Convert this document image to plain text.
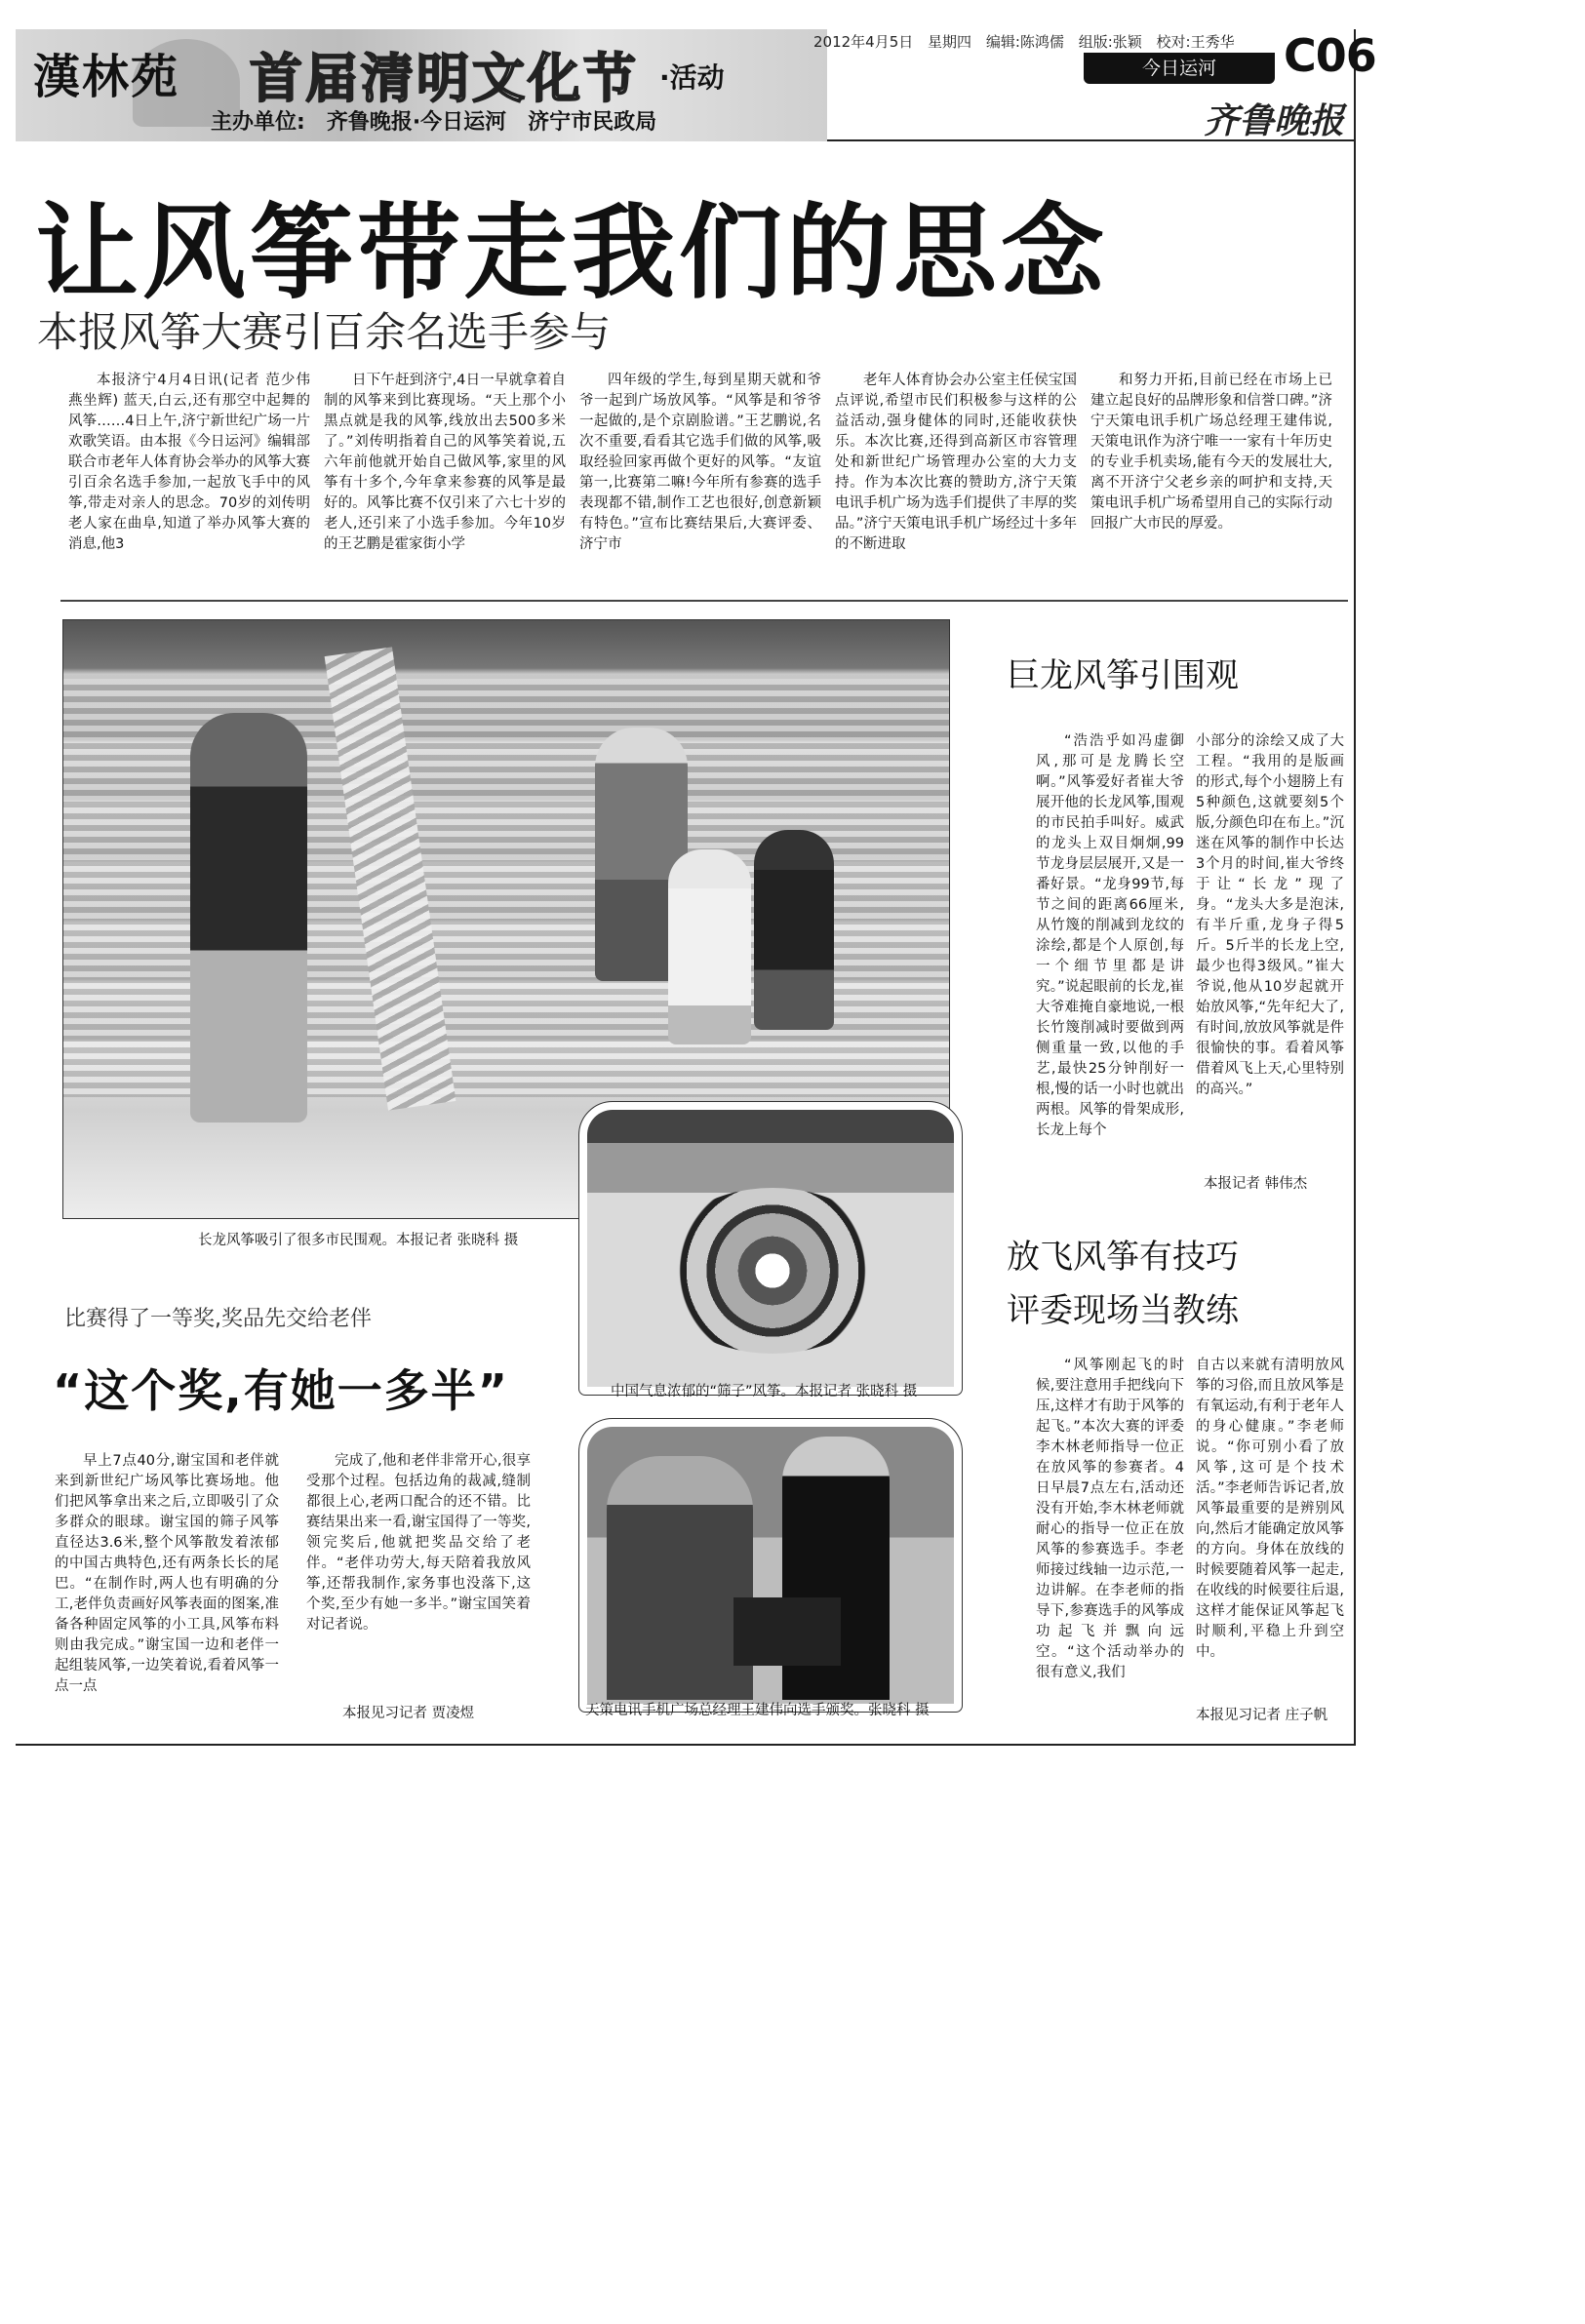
漢林苑 首届清明文化节 ·活动
主办单位: 齐鲁晚报·今日运河 济宁市民政局
2012年4月5日 星期四 编辑:陈鸿儒 组版:张颖 校对:王秀华
今日运河	C06
齐鲁晚报
让风筝带走我们的思念
本报风筝大赛引百余名选手参与
本报济宁4月4日讯(记者 范少伟 燕坐辉) 蓝天,白云,还有那空中起舞的风筝……4日上午,济宁新世纪广场一片欢歌笑语。由本报《今日运河》编辑部联合市老年人体育协会举办的风筝大赛引百余名选手参加,一起放飞手中的风筝,带走对亲人的思念。70岁的刘传明老人家在曲阜,知道了举办风筝大赛的消息,他3
日下午赶到济宁,4日一早就拿着自制的风筝来到比赛现场。“天上那个小黑点就是我的风筝,线放出去500多米了。”刘传明指着自己的风筝笑着说,五六年前他就开始自己做风筝,家里的风筝有十多个,今年拿来参赛的风筝是最好的。风筝比赛不仅引来了六七十岁的老人,还引来了小选手参加。今年10岁的王艺鹏是霍家街小学
四年级的学生,每到星期天就和爷爷一起到广场放风筝。“风筝是和爷爷一起做的,是个京剧脸谱。”王艺鹏说,名次不重要,看看其它选手们做的风筝,吸取经验回家再做个更好的风筝。“友谊第一,比赛第二嘛!今年所有参赛的选手表现都不错,制作工艺也很好,创意新颖有特色。”宣布比赛结果后,大赛评委、济宁市
老年人体育协会办公室主任侯宝国点评说,希望市民们积极参与这样的公益活动,强身健体的同时,还能收获快乐。本次比赛,还得到高新区市容管理处和新世纪广场管理办公室的大力支持。作为本次比赛的赞助方,济宁天策电讯手机广场为选手们提供了丰厚的奖品。”济宁天策电讯手机广场经过十多年的不断进取
和努力开拓,目前已经在市场上已建立起良好的品牌形象和信誉口碑。”济宁天策电讯手机广场总经理王建伟说,天策电讯作为济宁唯一一家有十年历史的专业手机卖场,能有今天的发展壮大,离不开济宁父老乡亲的呵护和支持,天策电讯手机广场希望用自己的实际行动回报广大市民的厚爱。
长龙风筝吸引了很多市民围观。本报记者 张晓科 摄
中国气息浓郁的“筛子”风筝。本报记者 张晓科 摄
天策电讯手机广场总经理王建伟向选手颁奖。张晓科 摄
巨龙风筝引围观
“浩浩乎如冯虚御风,那可是龙腾长空啊。”风筝爱好者崔大爷展开他的长龙风筝,围观的市民拍手叫好。威武的龙头上双目炯炯,99节龙身层层展开,又是一番好景。“龙身99节,每节之间的距离66厘米,从竹篾的削减到龙纹的涂绘,都是个人原创,每一个细节里都是讲究。”说起眼前的长龙,崔大爷难掩自豪地说,一根长竹篾削减时要做到两侧重量一致,以他的手艺,最快25分钟削好一根,慢的话一小时也就出两根。风筝的骨架成形,长龙上每个
小部分的涂绘又成了大工程。“我用的是版画的形式,每个小翅膀上有5种颜色,这就要刻5个版,分颜色印在布上。”沉迷在风筝的制作中长达3个月的时间,崔大爷终于让“长龙”现了身。“龙头大多是泡沫,有半斤重,龙身子得5斤。5斤半的长龙上空,最少也得3级风。”崔大爷说,他从10岁起就开始放风筝,“先年纪大了,有时间,放放风筝就是件很愉快的事。看着风筝借着风飞上天,心里特别的高兴。”
本报记者 韩伟杰
放飞风筝有技巧
评委现场当教练
“风筝刚起飞的时候,要注意用手把线向下压,这样才有助于风筝的起飞。”本次大赛的评委李木林老师指导一位正在放风筝的参赛者。4日早晨7点左右,活动还没有开始,李木林老师就耐心的指导一位正在放风筝的参赛选手。李老师接过线轴一边示范,一边讲解。在李老师的指导下,参赛选手的风筝成功起飞并飘向远空。“这个活动举办的很有意义,我们
自古以来就有清明放风筝的习俗,而且放风筝是有氧运动,有利于老年人的身心健康。”李老师说。“你可别小看了放风筝,这可是个技术活。”李老师告诉记者,放风筝最重要的是辨别风向,然后才能确定放风筝的方向。身体在放线的时候要随着风筝一起走,在收线的时候要往后退,这样才能保证风筝起飞时顺利,平稳上升到空中。
本报见习记者 庄子帆
比赛得了一等奖,奖品先交给老伴
“这个奖,有她一多半”
早上7点40分,谢宝国和老伴就来到新世纪广场风筝比赛场地。他们把风筝拿出来之后,立即吸引了众多群众的眼球。谢宝国的筛子风筝直径达3.6米,整个风筝散发着浓郁的中国古典特色,还有两条长长的尾巴。“在制作时,两人也有明确的分工,老伴负责画好风筝表面的图案,准备各种固定风筝的小工具,风筝布料则由我完成。”谢宝国一边和老伴一起组装风筝,一边笑着说,看着风筝一点一点
完成了,他和老伴非常开心,很享受那个过程。包括边角的裁减,缝制都很上心,老两口配合的还不错。比赛结果出来一看,谢宝国得了一等奖,领完奖后,他就把奖品交给了老伴。“老伴功劳大,每天陪着我放风筝,还帮我制作,家务事也没落下,这个奖,至少有她一多半。”谢宝国笑着对记者说。
本报见习记者 贾凌煜
